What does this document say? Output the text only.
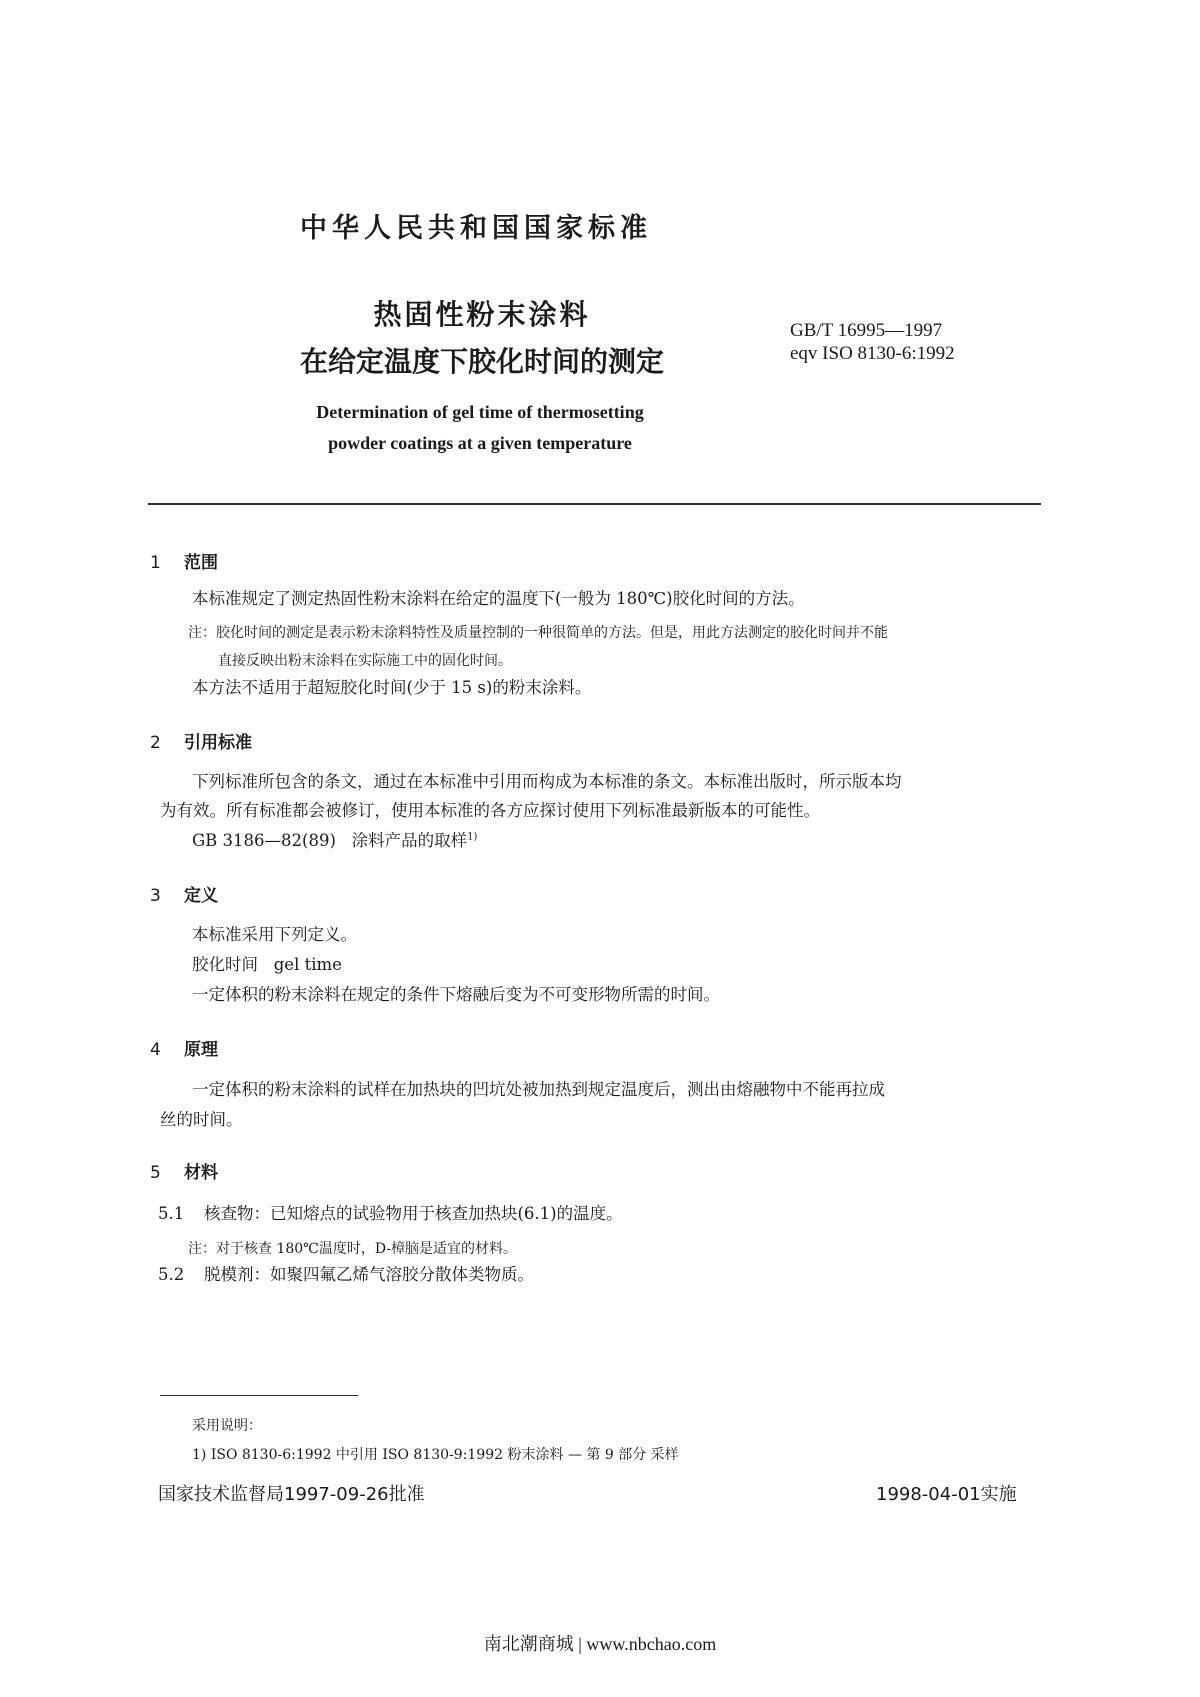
中华人民共和国国家标准
热固性粉末涂料
在给定温度下胶化时间的测定
GB/T 16995—1997
eqv ISO 8130-6:1992
Determination of gel time of thermosetting
powder coatings at a given temperature
1 范围
本标准规定了测定热固性粉末涂料在给定的温度下(一般为 180℃)胶化时间的方法。
注：胶化时间的测定是表示粉末涂料特性及质量控制的一种很简单的方法。但是，用此方法测定的胶化时间并不能
直接反映出粉末涂料在实际施工中的固化时间。
本方法不适用于超短胶化时间(少于 15 s)的粉末涂料。
2 引用标准
下列标准所包含的条文，通过在本标准中引用而构成为本标准的条文。本标准出版时，所示版本均
为有效。所有标准都会被修订，使用本标准的各方应探讨使用下列标准最新版本的可能性。
GB 3186—82(89) 涂料产品的取样$^{1)}$
3 定义
本标准采用下列定义。
胶化时间 gel time
一定体积的粉末涂料在规定的条件下熔融后变为不可变形物所需的时间。
4 原理
一定体积的粉末涂料的试样在加热块的凹坑处被加热到规定温度后，测出由熔融物中不能再拉成
丝的时间。
5 材料
5.1 核查物：已知熔点的试验物用于核查加热块(6.1)的温度。
注：对于核查 180℃温度时，D-樟脑是适宜的材料。
5.2 脱模剂：如聚四氟乙烯气溶胶分散体类物质。
采用说明：
1) ISO 8130-6:1992 中引用 ISO 8130-9:1992 粉末涂料 — 第 9 部分 采样
国家技术监督局1997-09-26批准	1998-04-01实施
南北潮商城 | www.nbchao.com
